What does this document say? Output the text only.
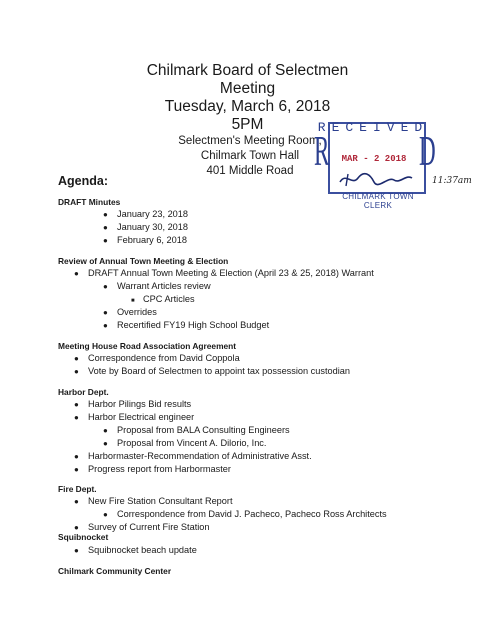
Chilmark Board of Selectmen
Meeting
Tuesday, March 6, 2018
5PM
Selectmen's Meeting Room,
Chilmark Town Hall
401 Middle Road
RECEIVED
R D
MAR - 2 2018
CHILMARK TOWN CLERK
11:37am
Agenda:
DRAFT Minutes
● January 23, 2018
● January 30, 2018
● February 6, 2018
Review of Annual Town Meeting & Election
● DRAFT Annual Town Meeting & Election (April 23 & 25, 2018) Warrant
● Warrant Articles review
■ CPC Articles
● Overrides
● Recertified FY19 High School Budget
Meeting House Road Association Agreement
● Correspondence from David Coppola
● Vote by Board of Selectmen to appoint tax possession custodian
Harbor Dept.
● Harbor Pilings Bid results
● Harbor Electrical engineer
● Proposal from BALA Consulting Engineers
● Proposal from Vincent A. Dilorio, Inc.
● Harbormaster-Recommendation of Administrative Asst.
● Progress report from Harbormaster
Fire Dept.
● New Fire Station Consultant Report
● Correspondence from David J. Pacheco, Pacheco Ross Architects
● Survey of Current Fire Station
Squibnocket
● Squibnocket beach update
Chilmark Community Center
